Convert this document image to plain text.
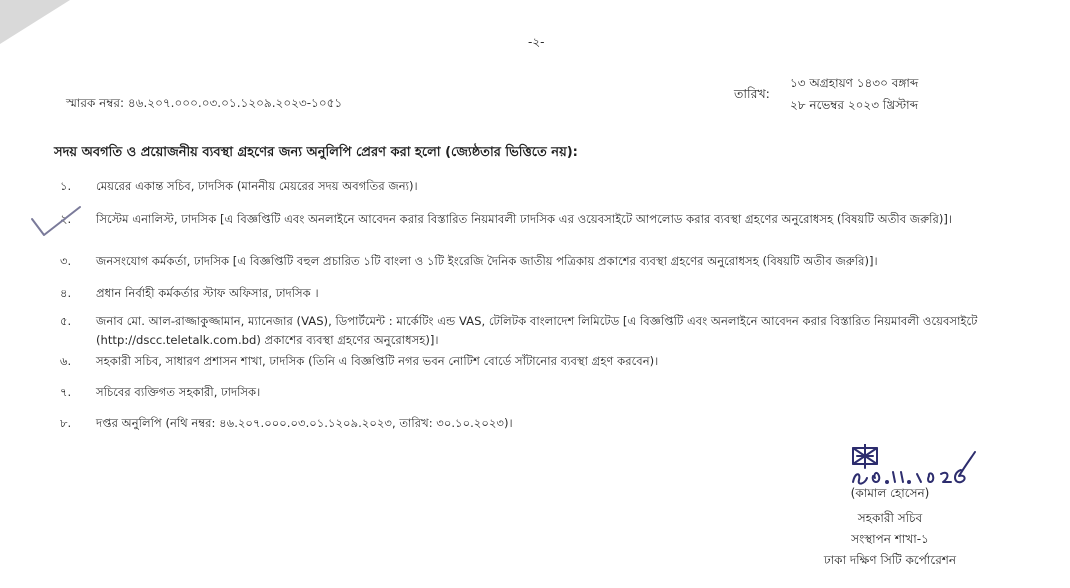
-২-
স্মারক নম্বর: ৪৬.২০৭.০০০.০৩.০১.১২০৯.২০২৩-১০৫১
তারিখ:
১৩ অগ্রহায়ণ ১৪৩০ বঙ্গাব্দ
২৮ নভেম্বর ২০২৩ খ্রিস্টাব্দ
সদয় অবগতি ও প্রয়োজনীয় ব্যবস্থা গ্রহণের জন্য অনুলিপি প্রেরণ করা হলো (জ্যেষ্ঠতার ভিত্তিতে নয়):
১. মেয়রের একান্ত সচিব, ঢাদসিক (মাননীয় মেয়রের সদয় অবগতির জন্য)।
২. সিস্টেম এনালিস্ট, ঢাদসিক [এ বিজ্ঞপ্তিটি এবং অনলাইনে আবেদন করার বিস্তারিত নিয়মাবলী ঢাদসিক এর ওয়েবসাইটে আপলোড করার ব্যবস্থা গ্রহণের অনুরোধসহ (বিষয়টি অতীব জরুরি)]।
৩. জনসংযোগ কর্মকর্তা, ঢাদসিক [এ বিজ্ঞপ্তিটি বহুল প্রচারিত ১টি বাংলা ও ১টি ইংরেজি দৈনিক জাতীয় পত্রিকায় প্রকাশের ব্যবস্থা গ্রহণের অনুরোধসহ (বিষয়টি অতীব জরুরি)]।
৪. প্রধান নির্বাহী কর্মকর্তার স্টাফ অফিসার, ঢাদসিক ।
৫. জনাব মো. আল-রাজ্জাকুজ্জামান, ম্যানেজার (VAS), ডিপার্টমেন্ট : মার্কেটিং এন্ড VAS, টেলিটক বাংলাদেশ লিমিটেড [এ বিজ্ঞপ্তিটি এবং অনলাইনে আবেদন করার বিস্তারিত নিয়মাবলী ওয়েবসাইটে (http://dscc.teletalk.com.bd) প্রকাশের ব্যবস্থা গ্রহণের অনুরোধসহ)]।
৬. সহকারী সচিব, সাধারণ প্রশাসন শাখা, ঢাদসিক (তিনি এ বিজ্ঞপ্তিটি নগর ভবন নোটিশ বোর্ডে সাঁটানোর ব্যবস্থা গ্রহণ করবেন)।
৭. সচিবের ব্যক্তিগত সহকারী, ঢাদসিক।
৮. দপ্তর অনুলিপি (নথি নম্বর: ৪৬.২০৭.০০০.০৩.০১.১২০৯.২০২৩, তারিখ: ৩০.১০.২০২৩)।
(কামাল হোসেন)
সহকারী সচিব
সংস্থাপন শাখা-১
ঢাকা দক্ষিণ সিটি কর্পোরেশন
